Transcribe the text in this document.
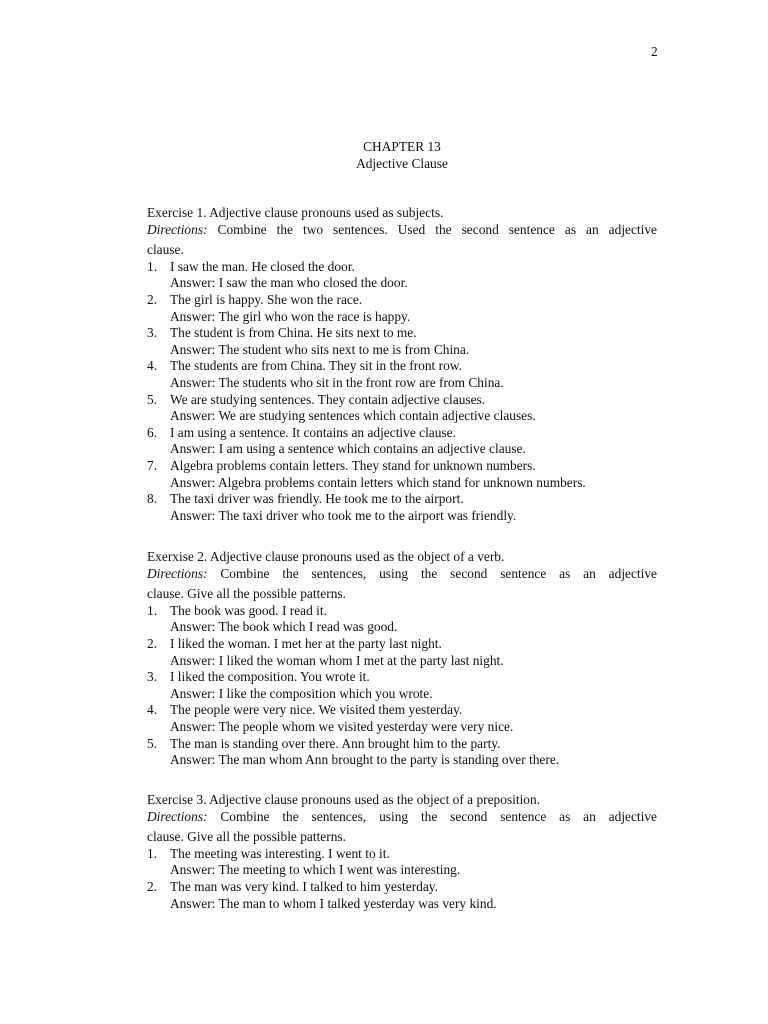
2
CHAPTER 13
Adjective Clause
Exercise 1. Adjective clause pronouns used as subjects.
Directions: Combine the two sentences. Used the second sentence as an adjective
clause.
1. I saw the man. He closed the door.
Answer: I saw the man who closed the door.
2. The girl is happy. She won the race.
Answer: The girl who won the race is happy.
3. The student is from China. He sits next to me.
Answer: The student who sits next to me is from China.
4. The students are from China. They sit in the front row.
Answer: The students who sit in the front row are from China.
5. We are studying sentences. They contain adjective clauses.
Answer: We are studying sentences which contain adjective clauses.
6. I am using a sentence. It contains an adjective clause.
Answer: I am using a sentence which contains an adjective clause.
7. Algebra problems contain letters. They stand for unknown numbers.
Answer: Algebra problems contain letters which stand for unknown numbers.
8. The taxi driver was friendly. He took me to the airport.
Answer: The taxi driver who took me to the airport was friendly.
Exerxise 2. Adjective clause pronouns used as the object of a verb.
Directions: Combine the sentences, using the second sentence as an adjective
clause. Give all the possible patterns.
1. The book was good. I read it.
Answer: The book which I read was good.
2. I liked the woman. I met her at the party last night.
Answer: I liked the woman whom I met at the party last night.
3. I liked the composition. You wrote it.
Answer: I like the composition which you wrote.
4. The people were very nice. We visited them yesterday.
Answer: The people whom we visited yesterday were very nice.
5. The man is standing over there. Ann brought him to the party.
Answer: The man whom Ann brought to the party is standing over there.
Exercise 3. Adjective clause pronouns used as the object of a preposition.
Directions: Combine the sentences, using the second sentence as an adjective
clause. Give all the possible patterns.
1. The meeting was interesting. I went to it.
Answer: The meeting to which I went was interesting.
2. The man was very kind. I talked to him yesterday.
Answer: The man to whom I talked yesterday was very kind.
